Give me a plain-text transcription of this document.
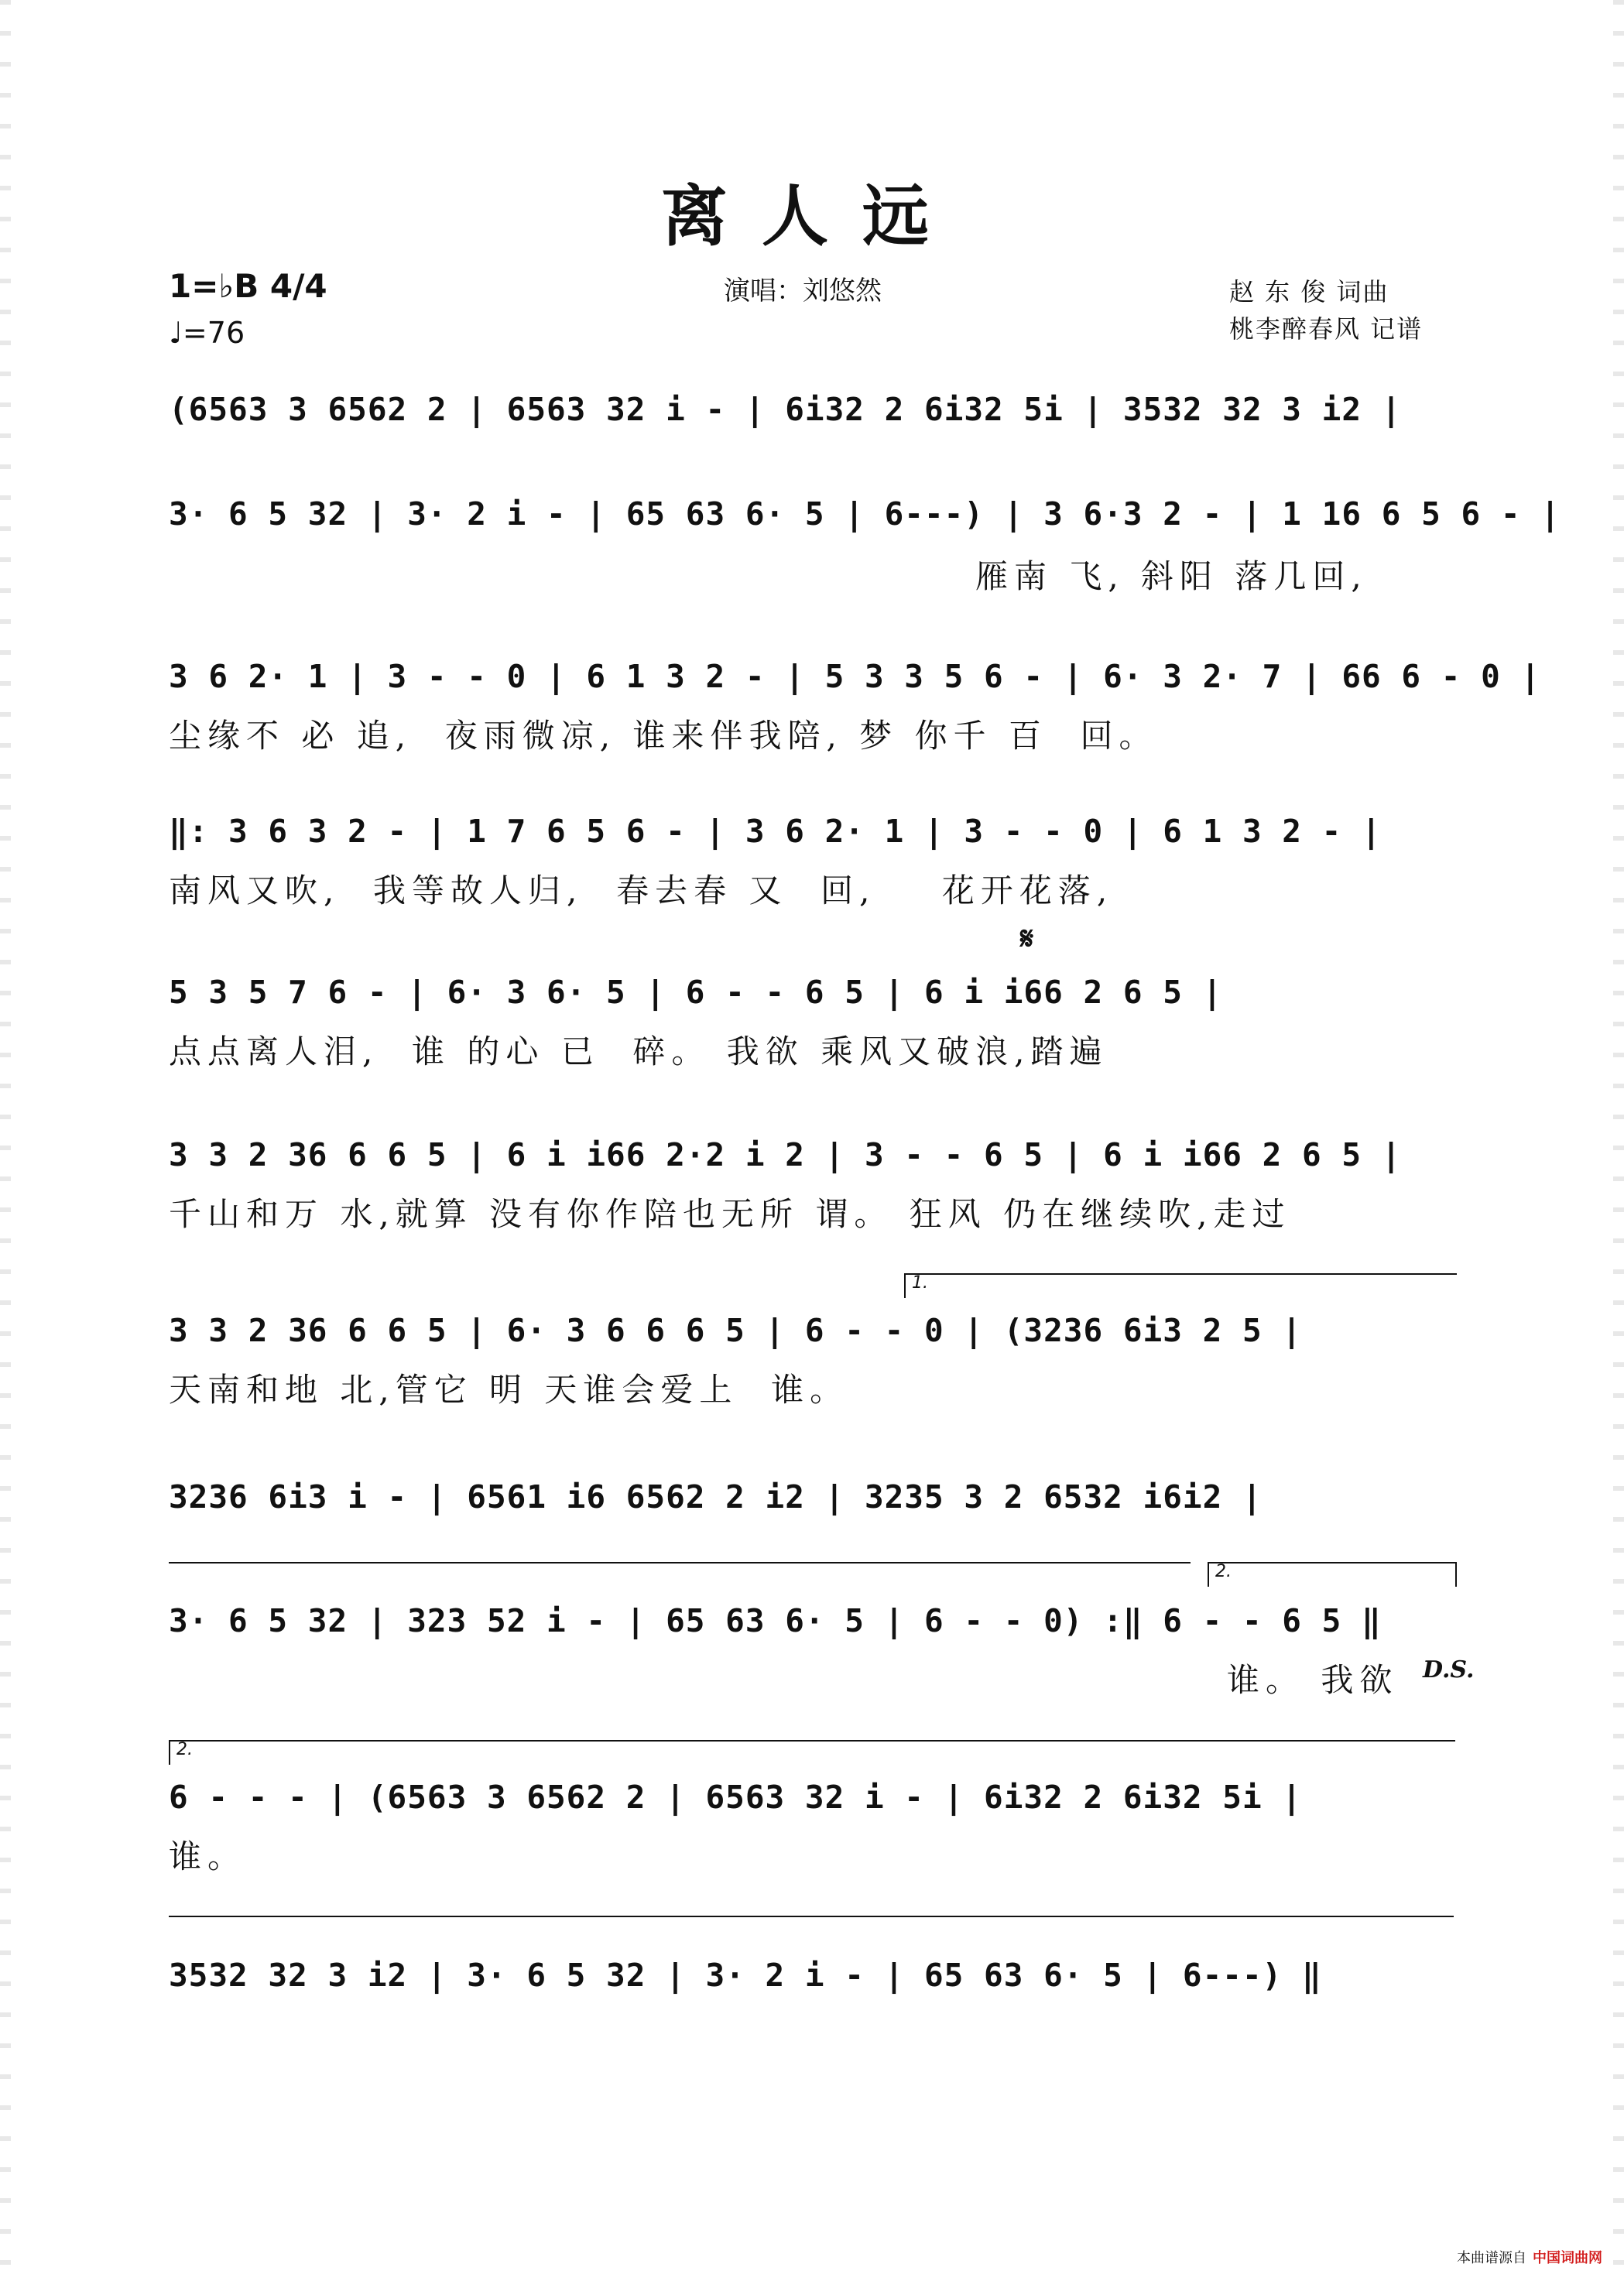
离人远
1=♭B 4/4
♩=76
演唱：刘悠然	赵 东 俊 词曲
桃李醉春风 记谱
(6563 3 6562 2 | 6563 32 i - | 6i32 2 6i32 5i | 3532 32 3 i2 |
3· 6 5 32 | 3· 2 i - | 65 63 6· 5 | 6---) | 3 6·3 2 - | 1 16 6 5 6 - |
雁南 飞, 斜阳 落几回,
3 6 2· 1 | 3 - - 0 | 6 1 3 2 - | 5 3 3 5 6 - | 6· 3 2· 7 | 66 6 - 0 |
尘缘不 必 追,  夜雨微凉, 谁来伴我陪, 梦 你千 百  回。
‖: 3 6 3 2 - | 1 7 6 5 6 - | 3 6 2· 1 | 3 - - 0 | 6 1 3 2 - |
南风又吹,  我等故人归,  春去春 又  回,    花开花落,
𝄋
5 3 5 7 6 - | 6· 3 6· 5 | 6 - - 6 5 | 6 i i66 2 6 5 |
点点离人泪,  谁 的心 已  碎。 我欲 乘风又破浪,踏遍
3 3 2 36 6 6 5 | 6 i i66 2·2 i 2 | 3 - - 6 5 | 6 i i66 2 6 5 |
千山和万 水,就算 没有你作陪也无所 谓。 狂风 仍在继续吹,走过
1.
3 3 2 36 6 6 5 | 6· 3 6 6 6 5 | 6 - - 0 | (3236 6i3 2 5 |
天南和地 北,管它 明 天谁会爱上  谁。
3236 6i3 i - | 6561 i6 6562 2 i2 | 3235 3 2 6532 i6i2 |
2.
3· 6 5 32 | 323 52 i - | 65 63 6· 5 | 6 - - 0) :‖ 6 - - 6 5 ‖
谁。 我欲	D.S.
2.
6 - - - | (6563 3 6562 2 | 6563 32 i - | 6i32 2 6i32 5i |
谁。
3532 32 3 i2 | 3· 6 5 32 | 3· 2 i - | 65 63 6· 5 | 6---) ‖
本曲谱源自 中国词曲网
